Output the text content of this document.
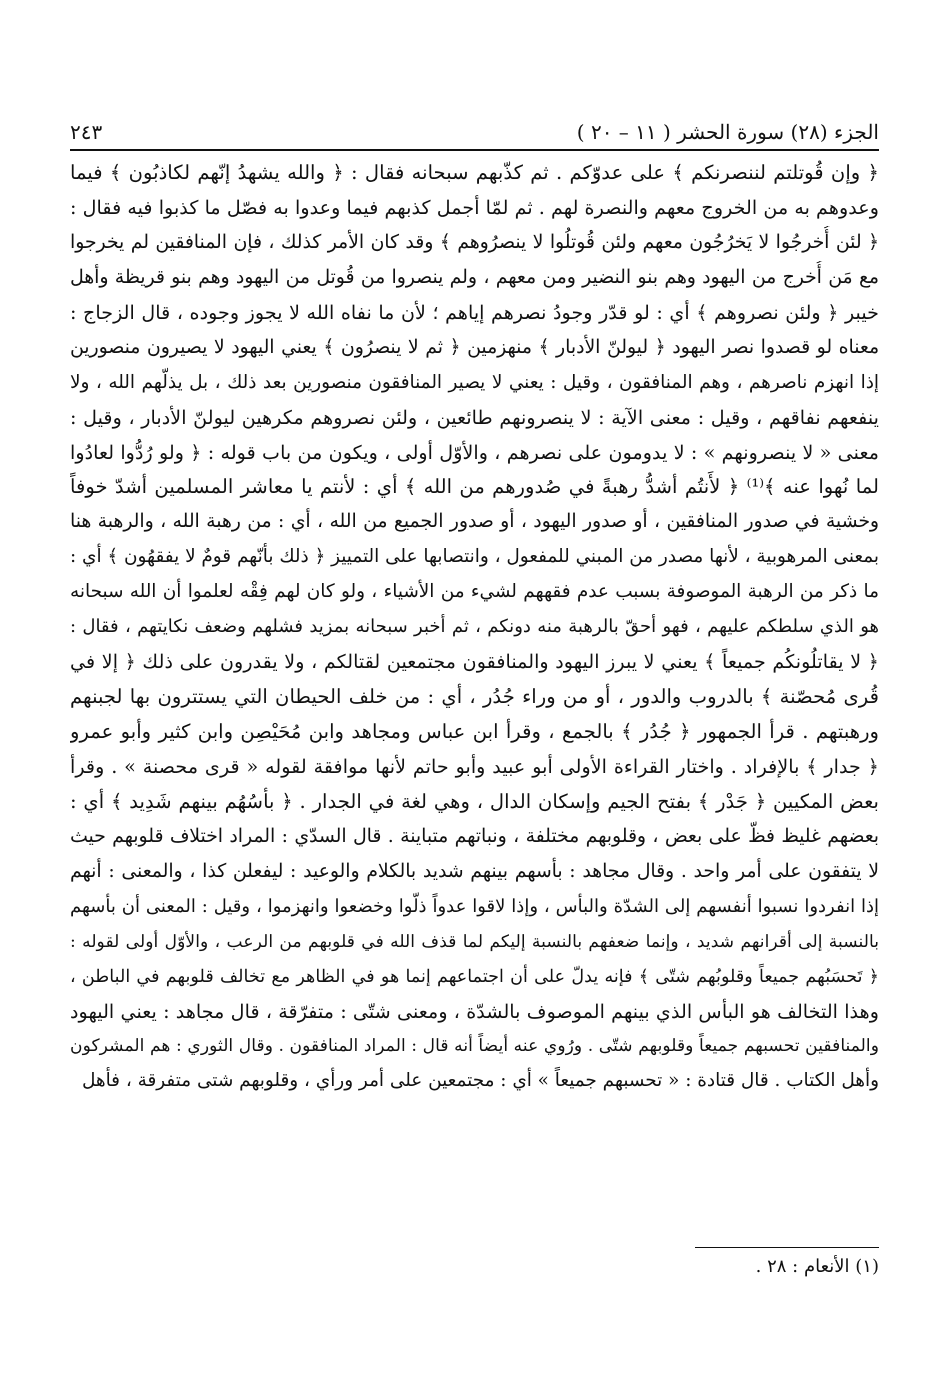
الجزء (٢٨) سورة الحشر ( ١١ – ٢٠ )
٢٤٣
﴿ وإن قُوتلتم لننصرنكم ﴾ على عدوّكم . ثم كذّبهم سبحانه فقال : ﴿ والله يشهدُ إنّهم لكاذبُون ﴾ فيما
وعدوهم به من الخروج معهم والنصرة لهم . ثم لمّا أجمل كذبهم فيما وعدوا به فصّل ما كذبوا فيه فقال :
﴿ لئن أُخرجُوا لا يَخرُجُون معهم ولئن قُوتلُوا لا ينصرُوهم ﴾ وقد كان الأمر كذلك ، فإن المنافقين لم يخرجوا
مع مَن أُخرج من اليهود وهم بنو النضير ومن معهم ، ولم ينصروا من قُوتل من اليهود وهم بنو قريظة وأهل
خيبر ﴿ ولئن نصروهم ﴾ أي : لو قدّر وجودُ نصرهم إياهم ؛ لأن ما نفاه الله لا يجوز وجوده ، قال الزجاج :
معناه لو قصدوا نصر اليهود ﴿ ليولنّ الأدبار ﴾ منهزمين ﴿ ثم لا ينصرُون ﴾ يعني اليهود لا يصيرون منصورين
إذا انهزم ناصرهم ، وهم المنافقون ، وقيل : يعني لا يصير المنافقون منصورين بعد ذلك ، بل يذلّهم الله ، ولا
ينفعهم نفاقهم ، وقيل : معنى الآية : لا ينصرونهم طائعين ، ولئن نصروهم مكرهين ليولنّ الأدبار ، وقيل :
معنى « لا ينصرونهم » : لا يدومون على نصرهم ، والأوّل أولى ، ويكون من باب قوله : ﴿ ولو رُدُّوا لعادُوا
لما نُهوا عنه ﴾⁽¹⁾ ﴿ لأَنتُم أشدُّ رهبةً في صُدورهم من الله ﴾ أي : لأنتم يا معاشر المسلمين أشدّ خوفاً
وخشية في صدور المنافقين ، أو صدور اليهود ، أو صدور الجميع من الله ، أي : من رهبة الله ، والرهبة هنا
بمعنى المرهوبية ، لأنها مصدر من المبني للمفعول ، وانتصابها على التمييز ﴿ ذلك بأنّهم قومٌ لا يفقهُون ﴾ أي :
ما ذكر من الرهبة الموصوفة بسبب عدم فقههم لشيء من الأشياء ، ولو كان لهم فِقْه لعلموا أن الله سبحانه
هو الذي سلطكم عليهم ، فهو أحقّ بالرهبة منه دونكم ، ثم أخبر سبحانه بمزيد فشلهم وضعف نكايتهم ، فقال :
﴿ لا يقاتلُونكُم جميعاً ﴾ يعني لا يبرز اليهود والمنافقون مجتمعين لقتالكم ، ولا يقدرون على ذلك ﴿ إلا في
قُرى مُحصّنة ﴾ بالدروب والدور ، أو من وراء جُدُر ، أي : من خلف الحيطان التي يستترون بها لجبنهم
ورهبتهم . قرأ الجمهور ﴿ جُدُر ﴾ بالجمع ، وقرأ ابن عباس ومجاهد وابن مُحَيْصِن وابن كثير وأبو عمرو
﴿ جدار ﴾ بالإفراد . واختار القراءة الأولى أبو عبيد وأبو حاتم لأنها موافقة لقوله « قرى محصنة » . وقرأ
بعض المكيين ﴿ جَدْر ﴾ بفتح الجيم وإسكان الدال ، وهي لغة في الجدار . ﴿ بأسُهُم بينهم شَدِيد ﴾ أي :
بعضهم غليظ فظّ على بعض ، وقلوبهم مختلفة ، ونباتهم متباينة . قال السدّي : المراد اختلاف قلوبهم حيث
لا يتفقون على أمر واحد . وقال مجاهد : بأسهم بينهم شديد بالكلام والوعيد : ليفعلن كذا ، والمعنى : أنهم
إذا انفردوا نسبوا أنفسهم إلى الشدّة والبأس ، وإذا لاقوا عدواً ذلّوا وخضعوا وانهزموا ، وقيل : المعنى أن بأسهم
بالنسبة إلى أقرانهم شديد ، وإنما ضعفهم بالنسبة إليكم لما قذف الله في قلوبهم من الرعب ، والأوّل أولى لقوله :
﴿ تَحسَبُهم جميعاً وقلوبُهم شتّى ﴾ فإنه يدلّ على أن اجتماعهم إنما هو في الظاهر مع تخالف قلوبهم في الباطن ،
وهذا التخالف هو البأس الذي بينهم الموصوف بالشدّة ، ومعنى شتّى : متفرّقة ، قال مجاهد : يعني اليهود
والمنافقين تحسبهم جميعاً وقلوبهم شتّى . ورُوي عنه أيضاً أنه قال : المراد المنافقون . وقال الثوري : هم المشركون
وأهل الكتاب . قال قتادة : « تحسبهم جميعاً » أي : مجتمعين على أمر ورأي ، وقلوبهم شتى متفرقة ، فأهل
(١) الأنعام : ٢٨ .
